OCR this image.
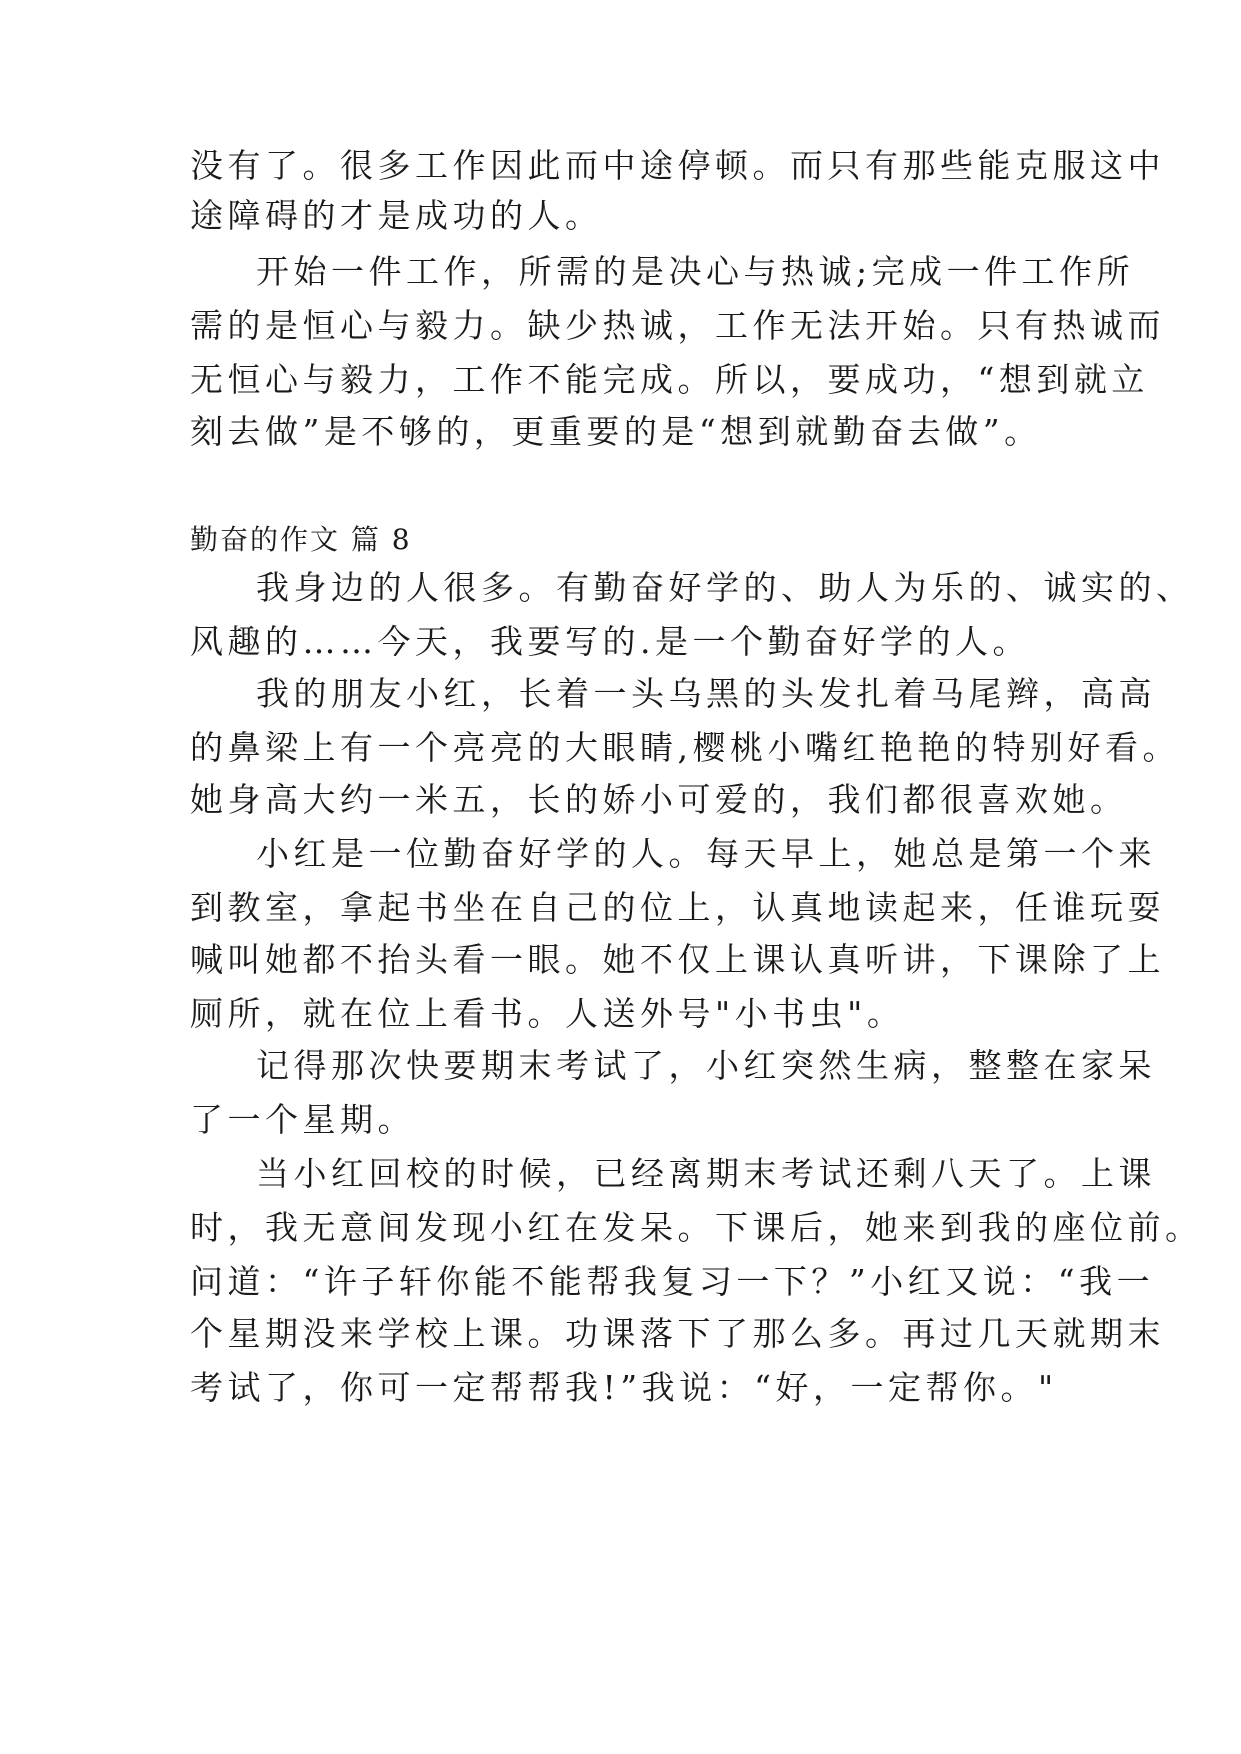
没有了。很多工作因此而中途停顿。而只有那些能克服这中
途障碍的才是成功的人。
开始一件工作，所需的是决心与热诚;完成一件工作所
需的是恒心与毅力。缺少热诚，工作无法开始。只有热诚而
无恒心与毅力，工作不能完成。所以，要成功，“想到就立
刻去做”是不够的，更重要的是“想到就勤奋去做”。
勤奋的作文 篇 8
我身边的人很多。有勤奋好学的、助人为乐的、诚实的、
风趣的……今天，我要写的.是一个勤奋好学的人。
我的朋友小红，长着一头乌黑的头发扎着马尾辫，高高
的鼻梁上有一个亮亮的大眼睛,樱桃小嘴红艳艳的特别好看。
她身高大约一米五，长的娇小可爱的，我们都很喜欢她。
小红是一位勤奋好学的人。每天早上，她总是第一个来
到教室，拿起书坐在自己的位上，认真地读起来，任谁玩耍
喊叫她都不抬头看一眼。她不仅上课认真听讲，下课除了上
厕所，就在位上看书。人送外号"小书虫"。
记得那次快要期末考试了，小红突然生病，整整在家呆
了一个星期。
当小红回校的时候，已经离期末考试还剩八天了。上课
时，我无意间发现小红在发呆。下课后，她来到我的座位前。
问道：“许子轩你能不能帮我复习一下？”小红又说：“我一
个星期没来学校上课。功课落下了那么多。再过几天就期末
考试了，你可一定帮帮我!”我说：“好，一定帮你。"
